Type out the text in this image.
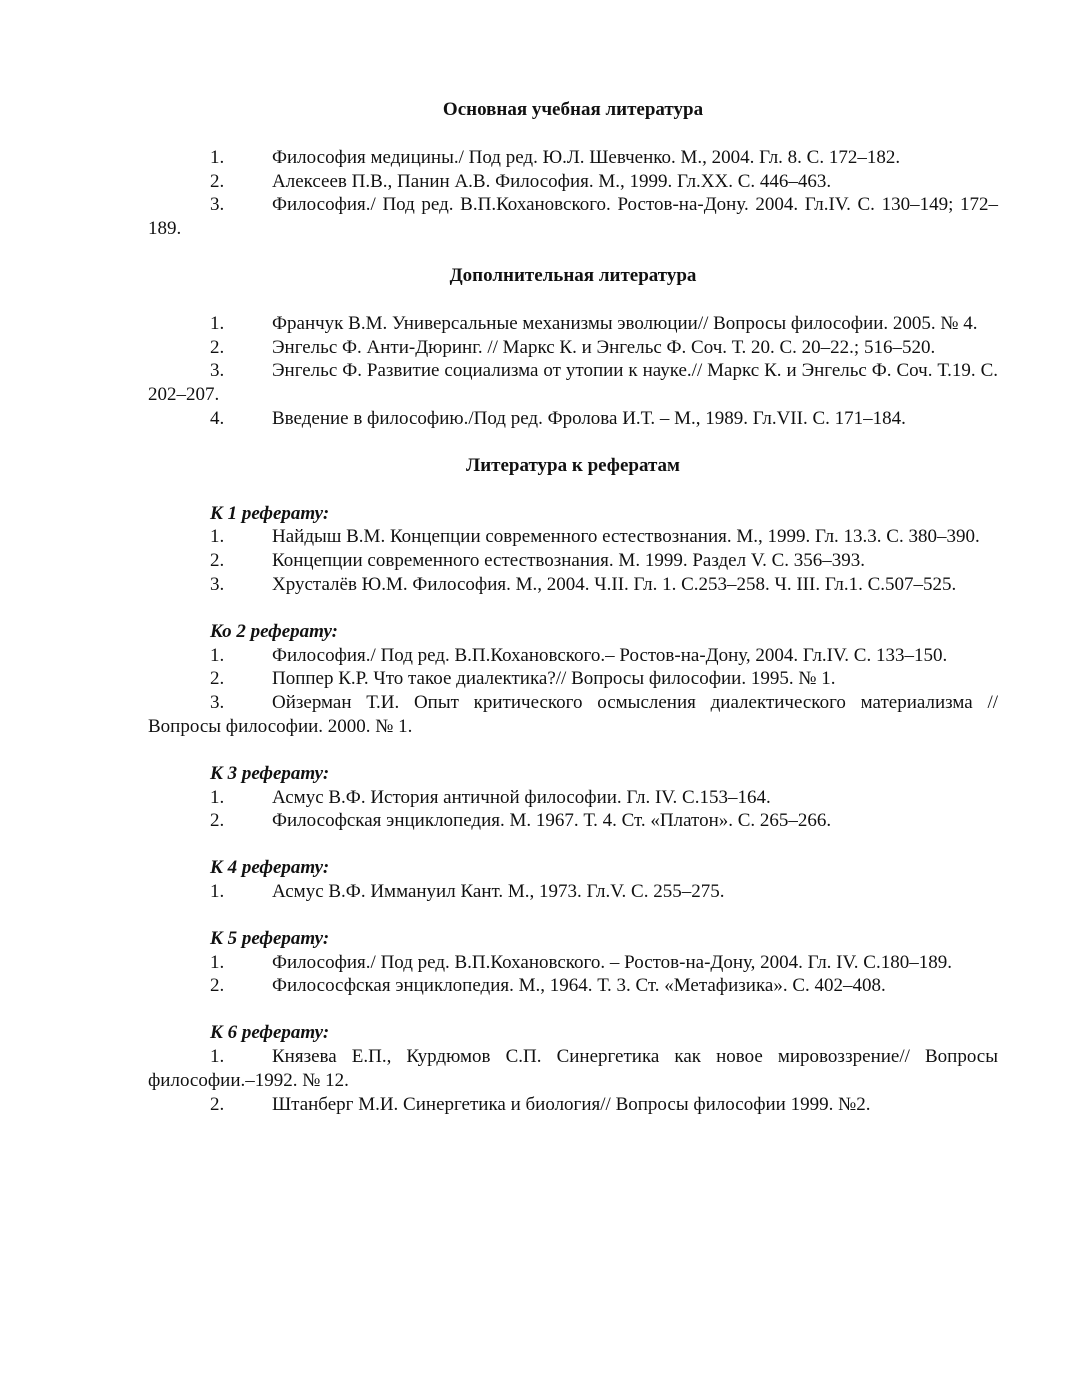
Основная учебная литература

1.	Философия медицины./ Под ред. Ю.Л. Шевченко. М., 2004. Гл. 8. С. 172–182.

2.	Алексеев П.В., Панин А.В. Философия. М., 1999. Гл.XX. С. 446–463.

3.	Философия./ Под ред. В.П.Кохановского. Ростов-на-Дону. 2004. Гл.IV. С. 130–149; 172–189.

Дополнительная литература

1.	Франчук В.М. Универсальные механизмы эволюции// Вопросы философии. 2005. № 4.

2.	Энгельс Ф. Анти-Дюринг. // Маркс К. и Энгельс Ф. Соч. Т. 20. С. 20–22.; 516–520.

3.	Энгельс Ф. Развитие социализма от утопии к науке.// Маркс К. и Энгельс Ф. Соч. Т.19. С. 202–207.

4.	Введение в философию./Под ред. Фролова И.Т. – М., 1989. Гл.VII. С. 171–184.

Литература к рефератам
К 1 реферату:

1.	Найдыш В.М. Концепции современного естествознания. М., 1999. Гл. 13.3. С. 380–390.

2.	Концепции современного естествознания. М. 1999. Раздел V. С. 356–393.

3.	Хрусталёв Ю.М. Философия. М., 2004. Ч.II. Гл. 1. С.253–258. Ч. III. Гл.1. С.507–525.

Ко 2 реферату:

1.	Философия./ Под ред. В.П.Кохановского.– Ростов-на-Дону, 2004. Гл.IV. С. 133–150.

2.	Поппер К.Р. Что такое диалектика?// Вопросы философии. 1995. № 1.

3.	Ойзерман Т.И. Опыт критического осмысления диалектического материализма // Вопросы философии. 2000. № 1.

К 3 реферату:

1.	Асмус В.Ф. История античной философии. Гл. IV. С.153–164.

2.	Философская энциклопедия. М. 1967. Т. 4. Ст. «Платон». С. 265–266.

К 4 реферату:

1.	Асмус В.Ф. Иммануил Кант. М., 1973. Гл.V. С. 255–275.

К 5 реферату:

1.	Философия./ Под ред. В.П.Кохановского. – Ростов-на-Дону, 2004. Гл. IV. С.180–189.

2.	Филососфская энциклопедия. М., 1964. Т. 3. Ст. «Метафизика». С. 402–408.

К 6 реферату:

1.	Князева Е.П., Курдюмов С.П. Синергетика как новое мировоззрение// Вопросы философии.–1992. № 12.

2.	Штанберг М.И. Синергетика и биология// Вопросы философии 1999. №2.
